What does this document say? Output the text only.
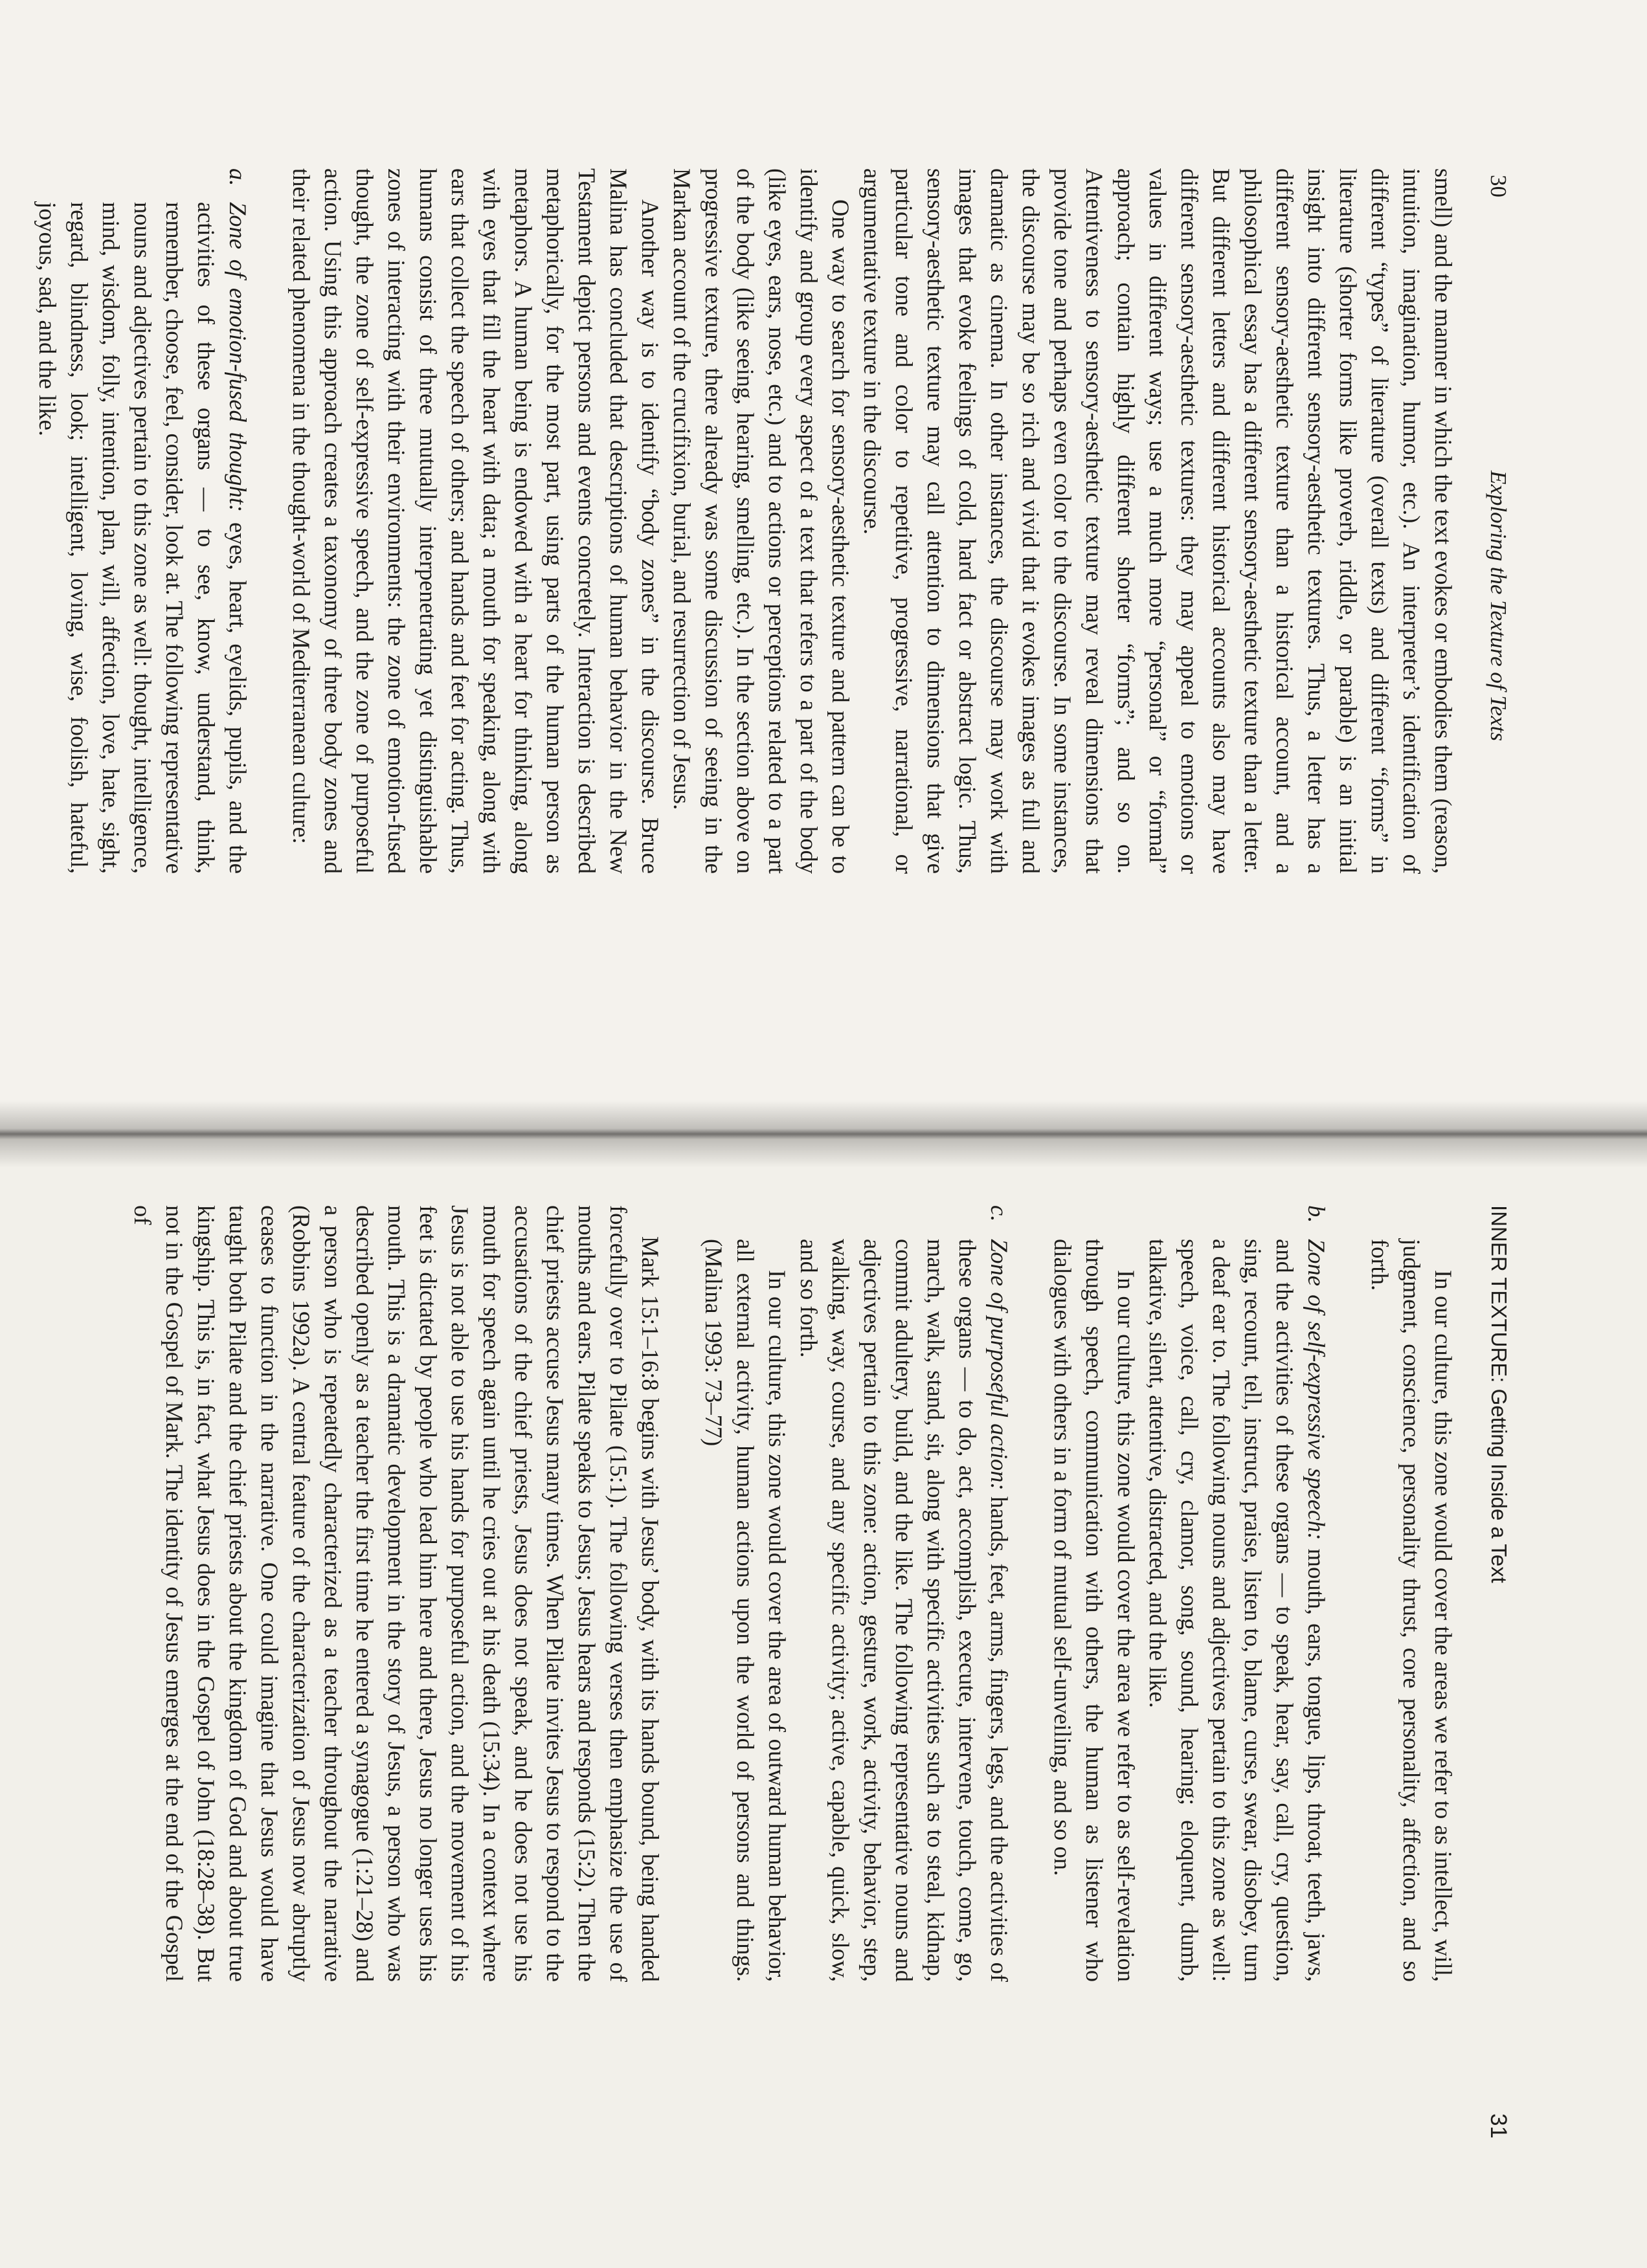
30
Exploring the Texture of Texts

smell) and the manner in which the text evokes or embodies them (reason, intuition, imagination, humor, etc.). An interpreter’s identification of different “types” of literature (overall texts) and different “forms” in literature (shorter forms like proverb, riddle, or parable) is an initial insight into different sensory-aesthetic textures. Thus, a letter has a different sensory-aesthetic texture than a historical account, and a philosophical essay has a different sensory-aesthetic texture than a letter. But different letters and different historical accounts also may have different sensory-aesthetic textures: they may appeal to emotions or values in different ways; use a much more “personal” or “formal” approach; contain highly different shorter “forms”; and so on. Attentiveness to sensory-aesthetic texture may reveal dimensions that provide tone and perhaps even color to the discourse. In some instances, the discourse may be so rich and vivid that it evokes images as full and dramatic as cinema. In other instances, the discourse may work with images that evoke feelings of cold, hard fact or abstract logic. Thus, sensory-aesthetic texture may call attention to dimensions that give particular tone and color to repetitive, progressive, narrational, or argumentative texture in the discourse.

One way to search for sensory-aesthetic texture and pattern can be to identify and group every aspect of a text that refers to a part of the body (like eyes, ears, nose, etc.) and to actions or perceptions related to a part of the body (like seeing, hearing, smelling, etc.). In the section above on progressive texture, there already was some discussion of seeing in the Markan account of the crucifixion, burial, and resurrection of Jesus.

Another way is to identify “body zones” in the discourse. Bruce Malina has concluded that descriptions of human behavior in the New Testament depict persons and events concretely. Interaction is described metaphorically, for the most part, using parts of the human person as metaphors. A human being is endowed with a heart for thinking, along with eyes that fill the heart with data; a mouth for speaking, along with ears that collect the speech of others; and hands and feet for acting. Thus, humans consist of three mutually interpenetrating yet distinguishable zones of interacting with their environments: the zone of emotion-fused thought, the zone of self-expressive speech, and the zone of purposeful action. Using this approach creates a taxonomy of three body zones and their related phenomena in the thought-world of Mediterranean culture:

a.Zone of emotion-fused thought: eyes, heart, eyelids, pupils, and the activities of these organs — to see, know, understand, think, remember, choose, feel, consider, look at. The following representative nouns and adjectives pertain to this zone as well: thought, intelligence, mind, wisdom, folly, intention, plan, will, affection, love, hate, sight, regard, blindness, look; intelligent, loving, wise, foolish, hateful, joyous, sad, and the like.

INNER TEXTURE: Getting Inside a Text
31

In our culture, this zone would cover the areas we refer to as intellect, will, judgment, conscience, personality thrust, core personality, affection, and so forth.

b.Zone of self-expressive speech: mouth, ears, tongue, lips, throat, teeth, jaws, and the activities of these organs — to speak, hear, say, call, cry, question, sing, recount, tell, instruct, praise, listen to, blame, curse, swear, disobey, turn a deaf ear to. The following nouns and adjectives pertain to this zone as well: speech, voice, call, cry, clamor, song, sound, hearing; eloquent, dumb, talkative, silent, attentive, distracted, and the like.

In our culture, this zone would cover the area we refer to as self-revelation through speech, communication with others, the human as listener who dialogues with others in a form of mutual self-unveiling, and so on.

c.Zone of purposeful action: hands, feet, arms, fingers, legs, and the activities of these organs — to do, act, accomplish, execute, intervene, touch, come, go, march, walk, stand, sit, along with specific activities such as to steal, kidnap, commit adultery, build, and the like. The following representative nouns and adjectives pertain to this zone: action, gesture, work, activity, behavior, step, walking, way, course, and any specific activity; active, capable, quick, slow, and so forth.

In our culture, this zone would cover the area of outward human behavior, all external activity, human actions upon the world of persons and things. (Malina 1993: 73–77)

Mark 15:1–16:8 begins with Jesus’ body, with its hands bound, being handed forcefully over to Pilate (15:1). The following verses then emphasize the use of mouths and ears. Pilate speaks to Jesus; Jesus hears and responds (15:2). Then the chief priests accuse Jesus many times. When Pilate invites Jesus to respond to the accusations of the chief priests, Jesus does not speak, and he does not use his mouth for speech again until he cries out at his death (15:34). In a context where Jesus is not able to use his hands for purposeful action, and the movement of his feet is dictated by people who lead him here and there, Jesus no longer uses his mouth. This is a dramatic development in the story of Jesus, a person who was described openly as a teacher the first time he entered a synagogue (1:21–28) and a person who is repeatedly characterized as a teacher throughout the narrative (Robbins 1992a). A central feature of the characterization of Jesus now abruptly ceases to function in the narrative. One could imagine that Jesus would have taught both Pilate and the chief priests about the kingdom of God and about true kingship. This is, in fact, what Jesus does in the Gospel of John (18:28–38). But not in the Gospel of Mark. The identity of Jesus emerges at the end of the Gospel of
